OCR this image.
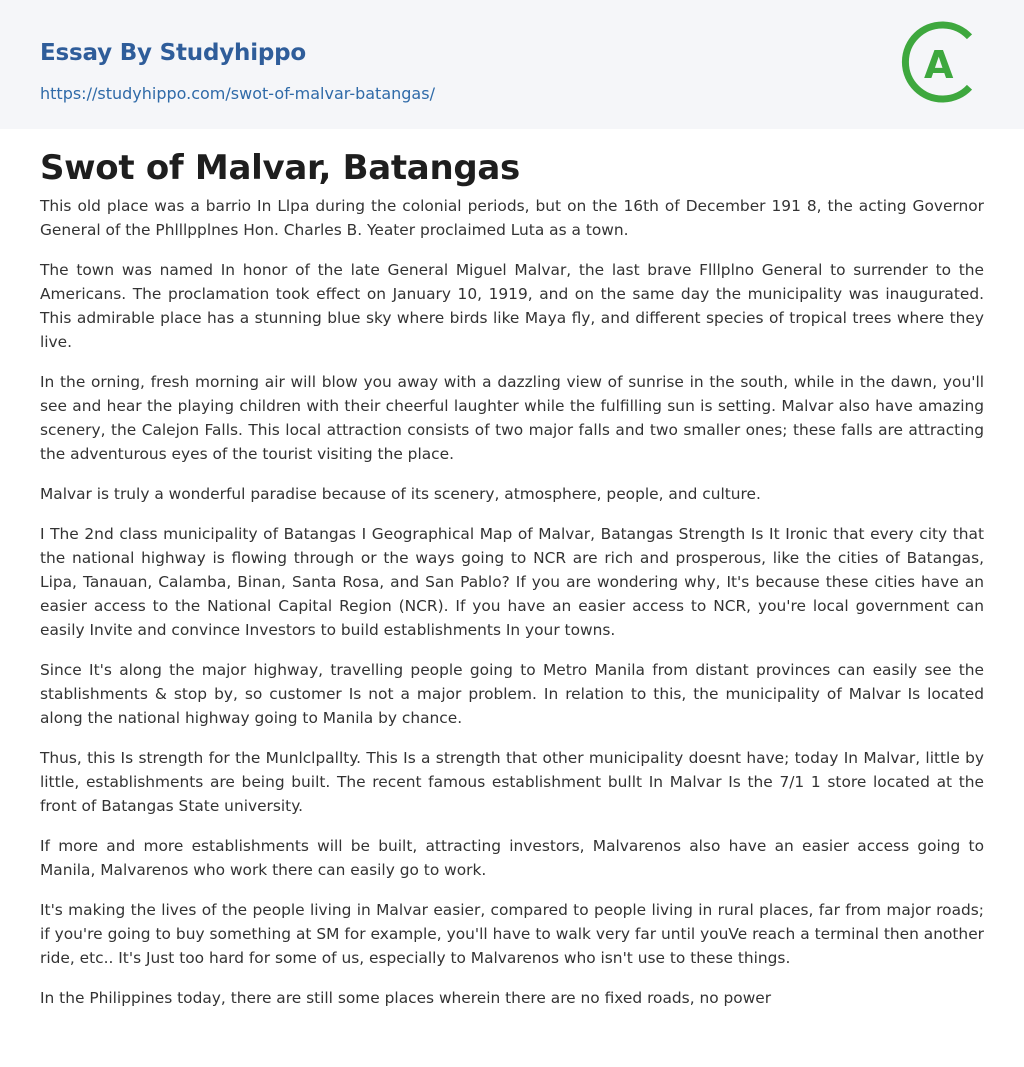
Essay By Studyhippo
https://studyhippo.com/swot-of-malvar-batangas/
A
Swot of Malvar, Batangas

This old place was a barrio In Llpa during the colonial periods, but on the 16th of December 191 8, the acting Governor General of the Phlllpplnes Hon. Charles B. Yeater proclaimed Luta as a town.

The town was named In honor of the late General Miguel Malvar, the last brave Flllplno General to surrender to the Americans. The proclamation took effect on January 10, 1919, and on the same day the municipality was inaugurated. This admirable place has a stunning blue sky where birds like Maya fly, and different species of tropical trees where they live.

In the orning, fresh morning air will blow you away with a dazzling view of sunrise in the south, while in the dawn, you'll see and hear the playing children with their cheerful laughter while the fulfilling sun is setting. Malvar also have amazing scenery, the Calejon Falls. This local attraction consists of two major falls and two smaller ones; these falls are attracting the adventurous eyes of the tourist visiting the place.

Malvar is truly a wonderful paradise because of its scenery, atmosphere, people, and culture.

I The 2nd class municipality of Batangas I Geographical Map of Malvar, Batangas Strength Is It Ironic that every city that the national highway is flowing through or the ways going to NCR are rich and prosperous, like the cities of Batangas, Lipa, Tanauan, Calamba, Binan, Santa Rosa, and San Pablo? If you are wondering why, It's because these cities have an easier access to the National Capital Region (NCR). If you have an easier access to NCR, you're local government can easily Invite and convince Investors to build establishments In your towns.

Since It's along the major highway, travelling people going to Metro Manila from distant provinces can easily see the stablishments & stop by, so customer Is not a major problem. In relation to this, the municipality of Malvar Is located along the national highway going to Manila by chance.

Thus, this Is strength for the Munlclpallty. This Is a strength that other municipality doesnt have; today In Malvar, little by little, establishments are being built. The recent famous establishment bullt In Malvar Is the 7/1 1 store located at the front of Batangas State university.

If more and more establishments will be built, attracting investors, Malvarenos also have an easier access going to Manila, Malvarenos who work there can easily go to work.

It's making the lives of the people living in Malvar easier, compared to people living in rural places, far from major roads; if you're going to buy something at SM for example, you'll have to walk very far until youVe reach a terminal then another ride, etc.. It's Just too hard for some of us, especially to Malvarenos who isn't use to these things.

In the Philippines today, there are still some places wherein there are no fixed roads, no power
